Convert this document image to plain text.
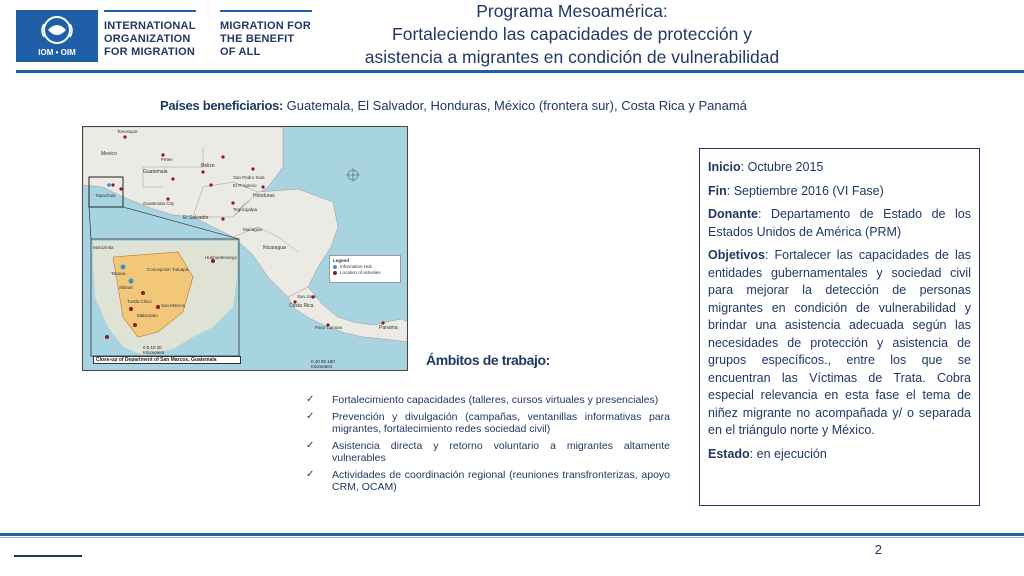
IOM • OIM
INTERNATIONAL
ORGANIZATION
FOR MIGRATION
MIGRATION FOR
THE BENEFIT
OF ALL
Programa Mesoamérica:
Fortaleciendo las capacidades de protección y
asistencia a migrantes en condición de vulnerabilidad
Países beneficiarios: Guatemala, El Salvador, Honduras, México (frontera sur), Costa Rica y Panamá
Tenosique
Mexico
Peten
Guatemala
Belize
Tapachula
Guatemala City
El Salvador
San Pedro Sula
El Progreso
Honduras
Tegucigalpa
Managua
Nicaragua
San Jose
Costa Rica
Paso Canoas	Panama
Motozintla
Tacana
Sibinal
Concepcion Tutuapa
Huehuetenango
Tuxtla Chico
San Marcos
Malacatan
0 5 10 20
Kilometers
0 40 80 160
Kilometers
Close-up of Department of San Marcos, Guatemala
Legend
Information Hub
Location of activities
Ámbitos de trabajo:
✓ Fortalecimiento capacidades (talleres, cursos virtuales y presenciales)
✓ Prevención y divulgación (campañas, ventanillas informativas para migrantes, fortalecimiento redes sociedad civil)
✓ Asistencia directa y retorno voluntario a migrantes altamente vulnerables
✓ Actividades de coordinación regional (reuniones transfronterizas, apoyo CRM, OCAM)

Inicio: Octubre 2015

Fin: Septiembre 2016 (VI Fase)

Donante: Departamento de Estado de los Estados Unidos de América (PRM)

Objetivos: Fortalecer las capacidades de las entidades gubernamentales y sociedad civil para mejorar la detección de personas migrantes en condición de vulnerabilidad y brindar una asistencia adecuada según las necesidades de protección y asistencia de grupos específicos., entre los que se encuentran las Víctimas de Trata. Cobra especial relevancia en esta fase el tema de niñez migrante no acompañada y/ o separada en el triángulo norte y México.

Estado: en ejecución

2
